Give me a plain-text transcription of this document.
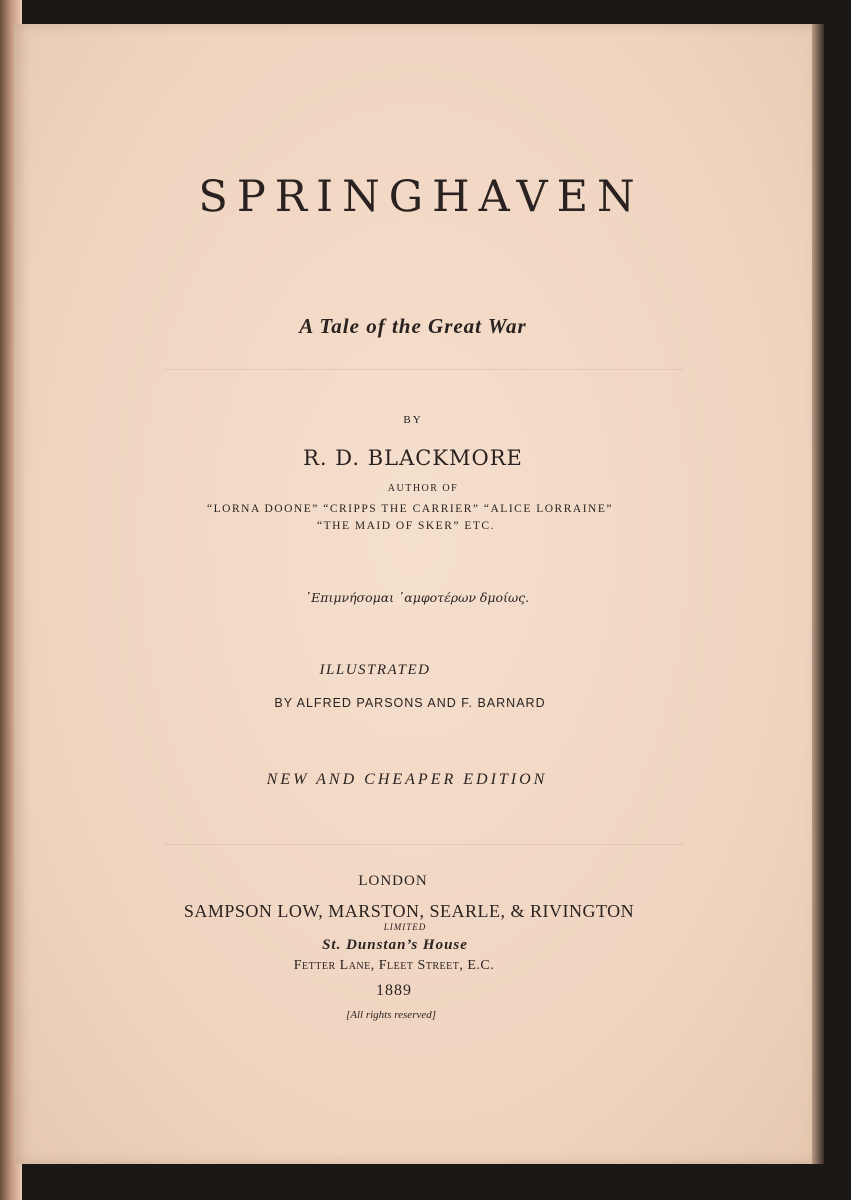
SPRINGHAVEN
A Tale of the Great War
BY
R. D. BLACKMORE
AUTHOR OF
“LORNA DOONE” “CRIPPS THE CARRIER” “ALICE LORRAINE”
“THE MAID OF SKER” ETC.
᾿Επιμνήσομαι ᾿αμφοτέρων δμοίως.
ILLUSTRATED
BY ALFRED PARSONS AND F. BARNARD
NEW AND CHEAPER EDITION
LONDON
SAMPSON LOW, MARSTON, SEARLE, & RIVINGTON
LIMITED
St. Dunstan’s House
Fetter Lane, Fleet Street, E.C.
1889
[All rights reserved]
